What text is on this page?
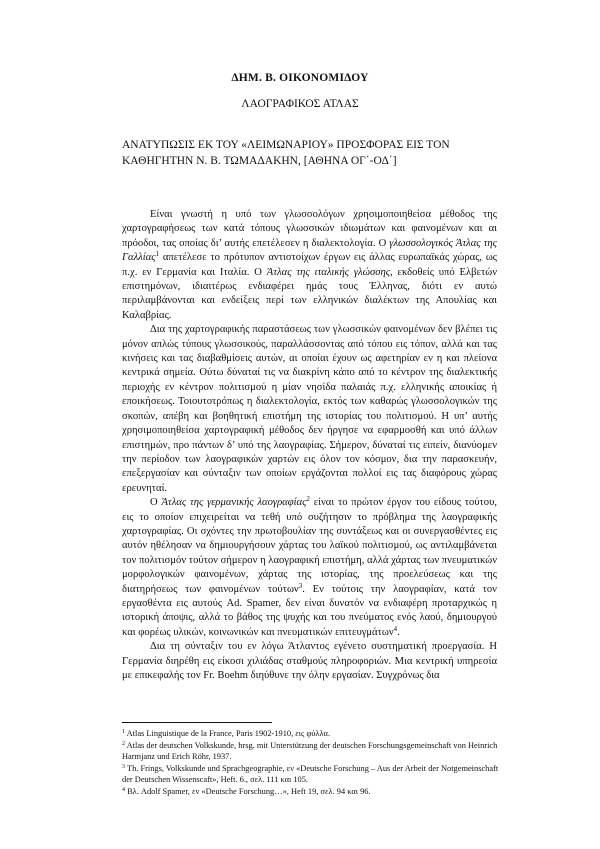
ΔΗΜ. Β. ΟΙΚΟΝΟΜΙΔΟΥ
ΛΑΟΓΡΑΦΙΚΟΣ ΑΤΛΑΣ
ΑΝΑΤΥΠΩΣΙΣ ΕΚ ΤΟΥ «ΛΕΙΜΩΝΑΡΙΟΥ» ΠΡΟΣΦΟΡΑΣ ΕΙΣ ΤΟΝ ΚΑΘΗΓΗΤΗΝ Ν. Β. ΤΩΜΑΔΑΚΗΝ, [ΑΘΗΝΑ ΟΓ΄-ΟΔ΄]

Είναι γνωστή η υπό των γλωσσολόγων χρησιμοποιηθείσα μέθοδος της χαρτογραφήσεως των κατά τόπους γλωσσικών ιδιωμάτων και φαινομένων και αι πρόοδοι, τας οποίας δι’ αυτής επετέλεσεν η διαλεκτολογία. Ο γλωσσολογικός Άτλας της Γαλλίας$^1$ απετέλεσε το πρότυπον αντιστοίχων έργων εις άλλας ευρωπαϊκάς χώρας, ως π.χ. εν Γερμανία και Ιταλία. Ο Άτλας της ιταλικής γλώσσης, εκδοθείς υπό Ελβετών επιστημόνων, ιδιαιτέρως ενδιαφέρει ημάς τους Έλληνας, διότι εν αυτώ περιλαμβάνονται και ενδείξεις περί των ελληνικών διαλέκτων της Απουλίας και Καλαβρίας.

Δια της χαρτογραφικής παραστάσεως των γλωσσικών φαινομένων δεν βλέπει τις μόνον απλώς τύπους γλωσσικούς, παραλλάσσοντας από τόπου εις τόπον, αλλά και τας κινήσεις και τας διαβαθμίσεις αυτών, αι οποίαι έχουν ως αφετηρίαν εν η και πλείονα κεντρικά σημεία. Ούτω δύναταί τις να διακρίνη κάπο από το κέντρον της διαλεκτικής περιοχής εν κέντρον πολιτισμού η μίαν νησίδα παλαιάς π.χ. ελληνικής αποικίας ή εποικήσεως. Τοιουτοτρόπως η διαλεκτολογία, εκτός των καθαρώς γλωσσολογικών της σκοπών, απέβη και βοηθητική επιστήμη της ιστορίας του πολιτισμού. Η υπ’ αυτής χρησιμοποιηθείσα χαρτογραφική μέθοδος δεν ήργησε να εφαρμοσθή και υπό άλλων επιστημών, προ πάντων δ’ υπό της λαογραφίας. Σήμερον, δύναταί τις ειπείν, διανύομεν την περίοδον των λαογραφικών χαρτών εις όλον τον κόσμον, δια την παρασκευήν, επεξεργασίαν και σύνταξιν των οποίων εργάζονται πολλοί εις τας διαφόρους χώρας ερευνηταί.

Ο Άτλας της γερμανικής λαογραφίας$^2$ είναι το πρώτον έργον του είδους τούτου, εις το οποίον επιχειρείται να τεθή υπό συζήτησιν το πρόβλημα της λαογραφικής χαρτογραφίας. Οι σχόντες την πρωτοβουλίαν της συντάξεως και οι συνεργασθέντες εις αυτόν ηθέλησαν να δημιουργήσουν χάρτας του λαϊκού πολιτισμού, ως αντιλαμβάνεται τον πολιτισμόν τούτον σήμερον η λαογραφική επιστήμη, αλλά χάρτας των πνευματικών μορφολογικών φαινομένων, χάρτας της ιστορίας, της προελεύσεως και της διατηρήσεως των φαινομένων τούτων$^3$. Εν τούτοις την λαογραφίαν, κατά τον εργασθέντα εις αυτούς Ad. Spamer, δεν είναι δυνατόν να ενδιαφέρη προταρχικώς η ιστορική άποψις, αλλά το βάθος της ψυχής και του πνεύματος ενός λαού, δημιουργού και φορέως υλικών, κοινωνικών και πνευματικών επιτευγμάτων$^4$.

Δια τη σύνταξιν του εν λόγω Άτλαντος εγένετο συστηματική προεργασία. Η Γερμανία διηρέθη εις είκοσι χιλιάδας σταθμούς πληροφοριών. Μια κεντρική υπηρεσία με επικεφαλής τον Fr. Boehm διηύθυνε την όλην εργασίαν. Συγχρόνως δια

$^1$ Atlas Linguistique de la France, Paris 1902-1910, εις φύλλα.
$^2$ Atlas der deutschen Volkskunde, hrsg. mit Unterstützung der deutschen Forschungsgemeinschaft von Heinrich Harmjanz und Erich Röhr, 1937.
$^3$ Th. Frings, Volkskunde und Sprachgeographie, εν «Deutsche Forschung – Aus der Arbeit der Notgemeinschaft der Deutschen Wissenscaft», Heft. 6., σελ. 111 και 105.
$^4$ Βλ. Adolf Spamer, εν «Deutsche Forschung…», Heft 19, σελ. 94 και 96.
